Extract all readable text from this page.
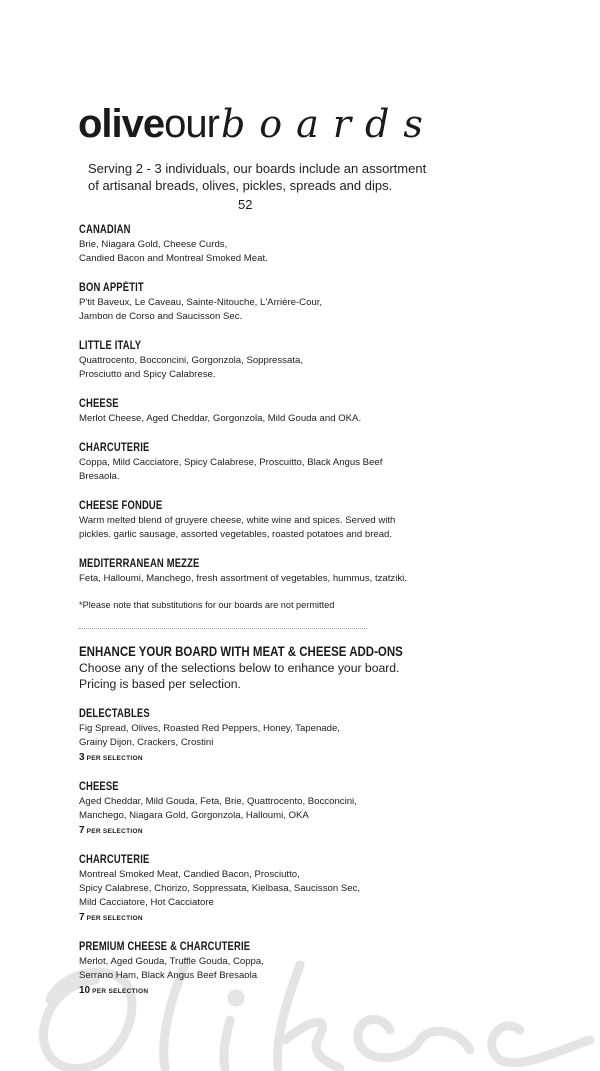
oliveourboards
Serving 2 - 3 individuals, our boards include an assortment of artisanal breads, olives, pickles, spreads and dips.
52
CANADIAN
Brie, Niagara Gold, Cheese Curds,
Candied Bacon and Montreal Smoked Meat.
BON APPÉTIT
P'tit Baveux, Le Caveau, Sainte-Nitouche, L'Arrière-Cour,
Jambon de Corso and Saucisson Sec.
LITTLE ITALY
Quattrocento, Bocconcini, Gorgonzola, Soppressata,
Prosciutto and Spicy Calabrese.
CHEESE
Merlot Cheese, Aged Cheddar, Gorgonzola, Mild Gouda and OKA.
CHARCUTERIE
Coppa, Mild Cacciatore, Spicy Calabrese, Proscuitto, Black Angus Beef
Bresaola.
CHEESE FONDUE
Warm melted blend of gruyere cheese, white wine and spices. Served with
pickles. garlic sausage, assorted vegetables, roasted potatoes and bread.
MEDITERRANEAN MEZZE
Feta, Halloumi, Manchego, fresh assortment of vegetables, hummus, tzatziki.
*Please note that substitutions for our boards are not permitted
ENHANCE YOUR BOARD WITH MEAT & CHEESE ADD-ONS
Choose any of the selections below to enhance your board.
Pricing is based per selection.
DELECTABLES
Fig Spread, Olives, Roasted Red Peppers, Honey, Tapenade,
Grainy Dijon, Crackers, Crostini
3 PER SELECTION
CHEESE
Aged Cheddar, Mild Gouda, Feta, Brie, Quattrocento, Bocconcini,
Manchego, Niagara Gold, Gorgonzola, Halloumi, OKA
7 PER SELECTION
CHARCUTERIE
Montreal Smoked Meat, Candied Bacon, Prosciutto,
Spicy Calabrese, Chorizo, Soppressata, Kielbasa, Saucisson Sec,
Mild Cacciatore, Hot Cacciatore
7 PER SELECTION
PREMIUM CHEESE & CHARCUTERIE
Merlot, Aged Gouda, Truffle Gouda, Coppa,
Serrano Ham, Black Angus Beef Bresaola
10 PER SELECTION
